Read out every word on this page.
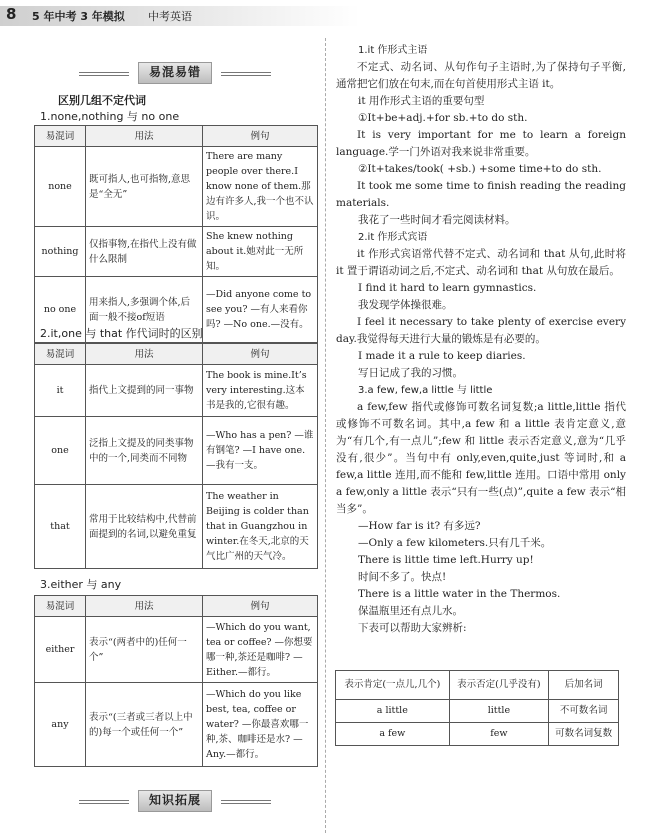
8 5 年中考 3 年模拟 中考英语
易混易错
区别几组不定代词
1.none,nothing 与 no one
易混词	用法	例句
none	既可指人,也可指物,意思是“全无”	There are many people over there.I know none of them.那边有许多人,我一个也不认识。
nothing	仅指事物,在指代上没有做什么限制	She knew nothing about it.她对此一无所知。
no one	用来指人,多强调个体,后面一般不接of短语	—Did anyone come to see you? —有人来看你吗? —No one.—没有。
2.it,one 与 that 作代词时的区别
易混词	用法	例句
it	指代上文提到的同一事物	The book is mine.It’s very interesting.这本书是我的,它很有趣。
one	泛指上文提及的同类事物中的一个,同类而不同物	—Who has a pen? —谁有钢笔? —I have one.—我有一支。
that	常用于比较结构中,代替前面提到的名词,以避免重复	The weather in Beijing is colder than that in Guangzhou in winter.在冬天,北京的天气比广州的天气冷。
3.either 与 any
易混词	用法	例句
either	表示“(两者中的)任何一个”	—Which do you want, tea or coffee? —你想要哪一种,茶还是咖啡? —Either.—都行。
any	表示“(三者或三者以上中的)每一个或任何一个”	—Which do you like best, tea, coffee or water? —你最喜欢哪一种,茶、咖啡还是水? —Any.—都行。
知识拓展

1.it 作形式主语

不定式、动名词、从句作句子主语时,为了保持句子平衡,通常把它们放在句末,而在句首使用形式主语 it。

it 用作形式主语的重要句型

①It+be+adj.+for sb.+to do sth.

It is very important for me to learn a foreign language.学一门外语对我来说非常重要。

②It+takes/took( +sb.) +some time+to do sth.

It took me some time to finish reading the reading materials.

我花了一些时间才看完阅读材料。

2.it 作形式宾语

it 作形式宾语常代替不定式、动名词和 that 从句,此时将 it 置于谓语动词之后,不定式、动名词和 that 从句放在最后。

I find it hard to learn gymnastics.

我发现学体操很难。

I feel it necessary to take plenty of exercise every day.我觉得每天进行大量的锻炼是有必要的。

I made it a rule to keep diaries.

写日记成了我的习惯。

3.a few, few,a little 与 little

a few,few 指代或修饰可数名词复数;a little,little 指代或修饰不可数名词。其中,a few 和 a little 表肯定意义,意为“有几个,有一点儿”;few 和 little 表示否定意义,意为“几乎没有,很少”。当句中有 only,even,quite,just 等词时,和 a few,a little 连用,而不能和 few,little 连用。口语中常用 only a few,only a little 表示“只有一些(点)”,quite a few 表示“相当多”。

—How far is it? 有多远?

—Only a few kilometers.只有几千米。

There is little time left.Hurry up!

时间不多了。快点!

There is a little water in the Thermos.

保温瓶里还有点儿水。

下表可以帮助大家辨析:

表示肯定(一点儿,几个)	表示否定(几乎没有)	后加名词
a little	little	不可数名词
a few	few	可数名词复数
